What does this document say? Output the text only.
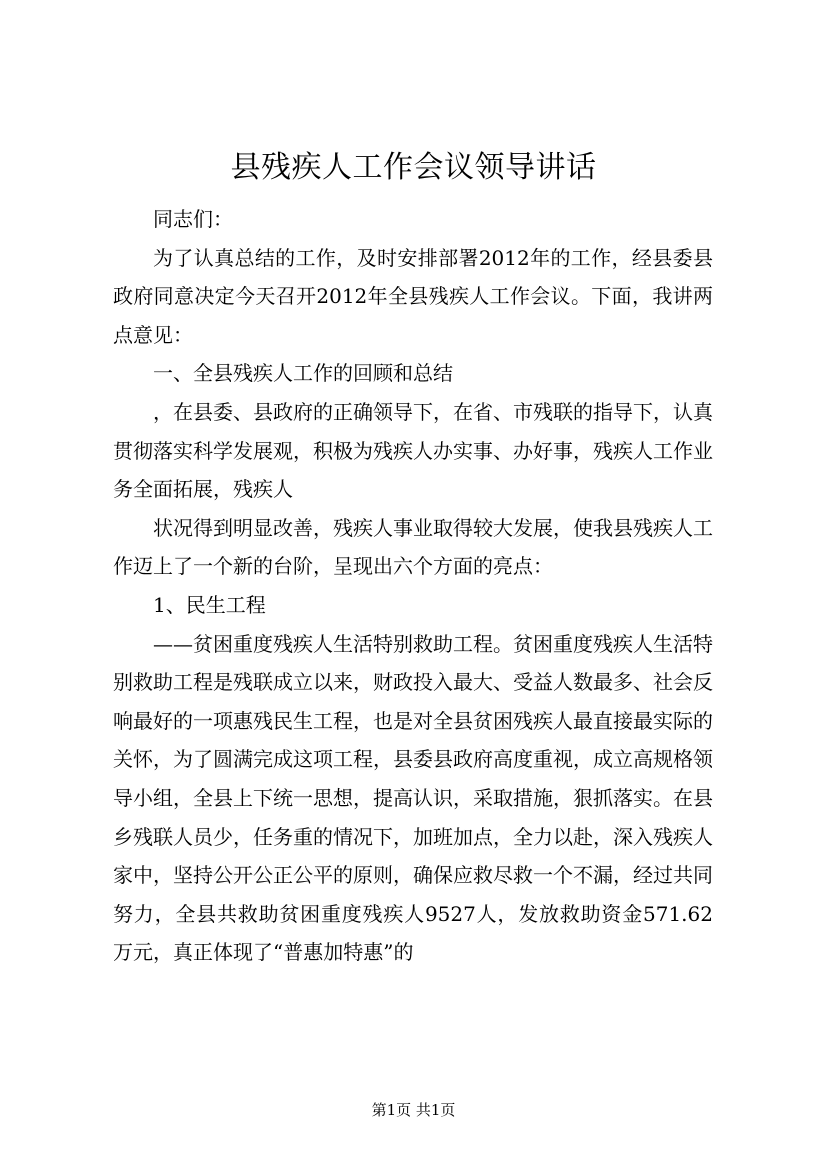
县残疾人工作会议领导讲话

同志们：

为了认真总结的工作，及时安排部署2012年的工作，经县委县政府同意决定今天召开2012年全县残疾人工作会议。下面，我讲两点意见：

一、全县残疾人工作的回顾和总结

，在县委、县政府的正确领导下，在省、市残联的指导下，认真贯彻落实科学发展观，积极为残疾人办实事、办好事，残疾人工作业务全面拓展，残疾人

状况得到明显改善，残疾人事业取得较大发展，使我县残疾人工作迈上了一个新的台阶，呈现出六个方面的亮点：

1、民生工程

——贫困重度残疾人生活特别救助工程。贫困重度残疾人生活特别救助工程是残联成立以来，财政投入最大、受益人数最多、社会反响最好的一项惠残民生工程，也是对全县贫困残疾人最直接最实际的关怀，为了圆满完成这项工程，县委县政府高度重视，成立高规格领导小组，全县上下统一思想，提高认识，采取措施，狠抓落实。在县乡残联人员少，任务重的情况下，加班加点，全力以赴，深入残疾人家中，坚持公开公正公平的原则，确保应救尽救一个不漏，经过共同努力，全县共救助贫困重度残疾人9527人，发放救助资金571.62万元，真正体现了“普惠加特惠”的

第1页 共1页
